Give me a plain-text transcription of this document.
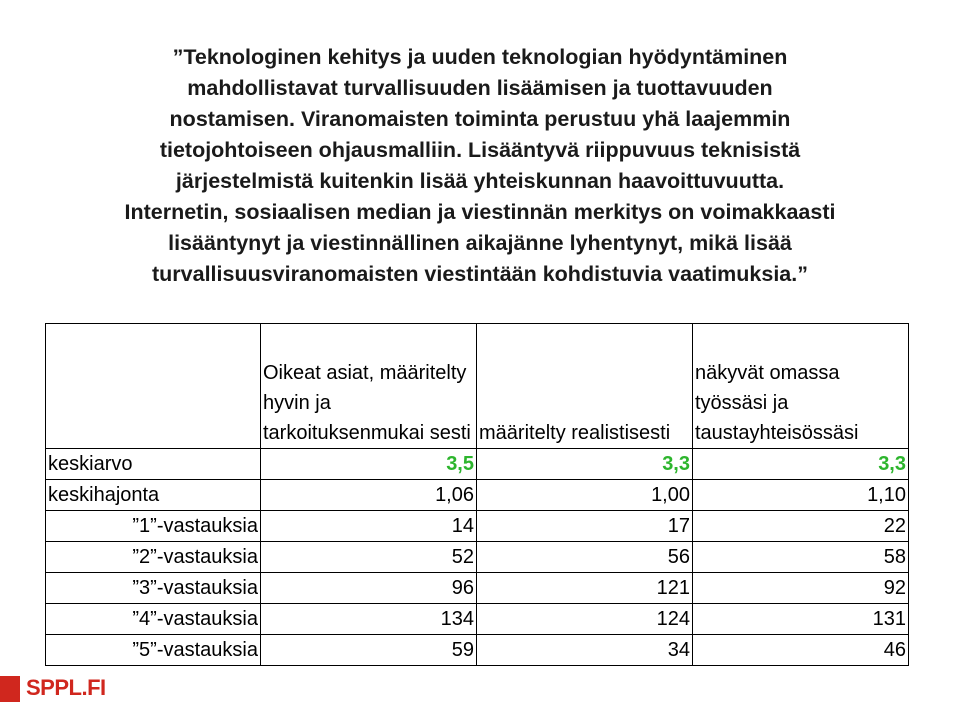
”Teknologinen kehitys ja uuden teknologian hyödyntäminen
mahdollistavat turvallisuuden lisäämisen ja tuottavuuden
nostamisen. Viranomaisten toiminta perustuu yhä laajemmin
tietojohtoiseen ohjausmalliin. Lisääntyvä riippuvuus teknisistä
järjestelmistä kuitenkin lisää yhteiskunnan haavoittuvuutta.
Internetin, sosiaalisen median ja viestinnän merkitys on voimakkaasti
lisääntynyt ja viestinnällinen aikajänne lyhentynyt, mikä lisää
turvallisuusviranomaisten viestintään kohdistuvia vaatimuksia.”
	Oikeat asiat, määritelty hyvin ja tarkoituksenmukai sesti	määritelty realistisesti	näkyvät omassa työssäsi ja taustayhteisössäsi
keskiarvo	3,5	3,3	3,3
keskihajonta	1,06	1,00	1,10
”1”-vastauksia	14	17	22
”2”-vastauksia	52	56	58
”3”-vastauksia	96	121	92
”4”-vastauksia	134	124	131
”5”-vastauksia	59	34	46
SPPL.FI
